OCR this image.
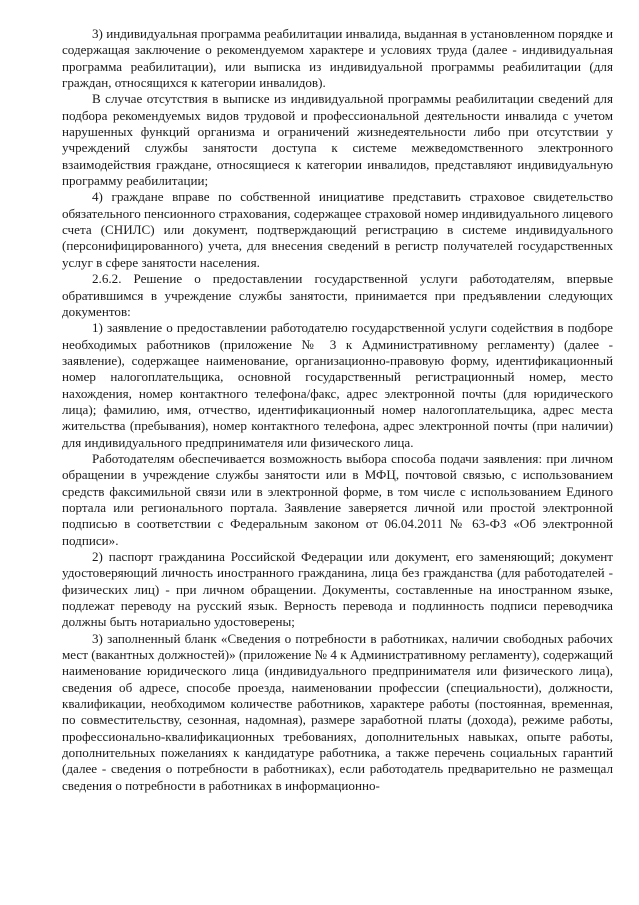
3) индивидуальная программа реабилитации инвалида, выданная в установленном порядке и содержащая заключение о рекомендуемом характере и условиях труда (далее - индивидуальная программа реабилитации), или выписка из индивидуальной программы реабилитации (для граждан, относящихся к категории инвалидов).

В случае отсутствия в выписке из индивидуальной программы реабилитации сведений для подбора рекомендуемых видов трудовой и профессиональной деятельности инвалида с учетом нарушенных функций организма и ограничений жизнедеятельности либо при отсутствии у учреждений службы занятости доступа к системе межведомственного электронного взаимодействия граждане, относящиеся к категории инвалидов, представляют индивидуальную программу реабилитации;

4) граждане вправе по собственной инициативе представить страховое свидетельство обязательного пенсионного страхования, содержащее страховой номер индивидуального лицевого счета (СНИЛС) или документ, подтверждающий регистрацию в системе индивидуального (персонифицированного) учета, для внесения сведений в регистр получателей государственных услуг в сфере занятости населения.

2.6.2. Решение о предоставлении государственной услуги работодателям, впервые обратившимся в учреждение службы занятости, принимается при предъявлении следующих документов:

1) заявление о предоставлении работодателю государственной услуги содействия в подборе необходимых работников (приложение № 3 к Административному регламенту) (далее - заявление), содержащее наименование, организационно-правовую форму, идентификационный номер налогоплательщика, основной государственный регистрационный номер, место нахождения, номер контактного телефона/факс, адрес электронной почты (для юридического лица); фамилию, имя, отчество, идентификационный номер налогоплательщика, адрес места жительства (пребывания), номер контактного телефона, адрес электронной почты (при наличии) для индивидуального предпринимателя или физического лица.

Работодателям обеспечивается возможность выбора способа подачи заявления: при личном обращении в учреждение службы занятости или в МФЦ, почтовой связью, с использованием средств факсимильной связи или в электронной форме, в том числе с использованием Единого портала или регионального портала. Заявление заверяется личной или простой электронной подписью в соответствии с Федеральным законом от 06.04.2011 № 63-ФЗ «Об электронной подписи».

2) паспорт гражданина Российской Федерации или документ, его заменяющий; документ удостоверяющий личность иностранного гражданина, лица без гражданства (для работодателей - физических лиц) - при личном обращении. Документы, составленные на иностранном языке, подлежат переводу на русский язык. Верность перевода и подлинность подписи переводчика должны быть нотариально удостоверены;

3) заполненный бланк «Сведения о потребности в работниках, наличии свободных рабочих мест (вакантных должностей)» (приложение № 4 к Административному регламенту), содержащий наименование юридического лица (индивидуального предпринимателя или физического лица), сведения об адресе, способе проезда, наименовании профессии (специальности), должности, квалификации, необходимом количестве работников, характере работы (постоянная, временная, по совместительству, сезонная, надомная), размере заработной платы (дохода), режиме работы, профессионально-квалификационных требованиях, дополнительных навыках, опыте работы, дополнительных пожеланиях к кандидатуре работника, а также перечень социальных гарантий (далее - сведения о потребности в работниках), если работодатель предварительно не размещал сведения о потребности в работниках в информационно-
